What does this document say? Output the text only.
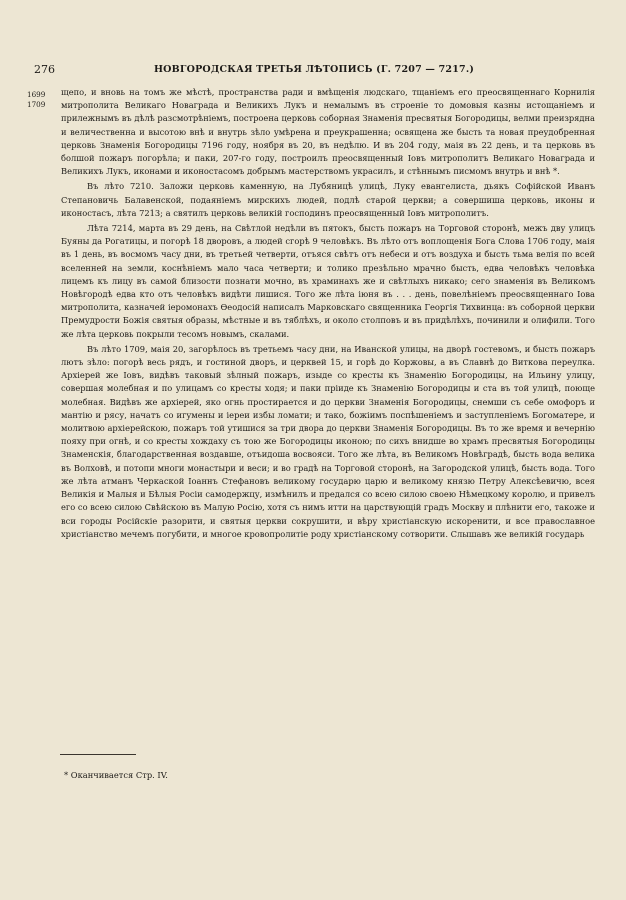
276	НОВГОРОДСКАЯ ТРЕТЬЯ ЛѢТОПИСЬ (Г. 7207 — 7217.)
1699
1709

щепо, и вновь на томъ же мѣстѣ, пространства ради и вмѣщенія людскаго, тщаніемъ его преосвященнаго Корнилія митрополита Великаго Новаграда и Великихъ Лукъ и немалымъ въ строеніе то домовыя казны истощаніемъ и прилежнымъ въ дѣлѣ разсмотрѣніемъ, построена церковь соборная Знаменія пресвятыя Богородицы, велми преизрядна и величественна и высотою внѣ и внутрь зѣло умѣрена и преукрашенна; освящена же бысть та новая преудобренная церковь Знаменія Богородицы 7196 году, ноября въ 20, въ недѣлю. И въ 204 году, маія въ 22 день, и та церковь въ болшой пожаръ погорѣла; и паки, 207-го году, построилъ преосвященный Іовъ митрополитъ Великаго Новаграда и Великихъ Лукъ, иконами и иконостасомъ добрымъ мастерствомъ украсилъ, и стѣннымъ писмомъ внутрь и внѣ *.

Въ лѣто 7210. Заложи церковь каменную, на Лубяницѣ улицѣ, Луку евангелиста, дьякъ Софійской Иванъ Степановичь Балавенской, подаяніемъ мирскихъ людей, подлѣ старой церкви; а совершиша церковь, иконы и иконостасъ, лѣта 7213; а святилъ церковь великій господинъ преосвященный Іовъ митрополитъ.

Лѣта 7214, марта въ 29 день, на Свѣтлой недѣли въ пятокъ, бысть пожаръ на Торговой сторонѣ, межъ дву улицъ Буяны да Рогатицы, и погорѣ 18 дворовъ, а людей сгорѣ 9 человѣкъ. Въ лѣто отъ воплощенія Бога Слова 1706 году, маія въ 1 день, въ восмомъ часу дни, въ третьей четверти, отъяся свѣтъ отъ небеси и отъ воздуха и бысть тьма велія по всей вселенней на земли, коснѣніемъ мало часа четверти; и толико презѣльно мрачно бысть, едва человѣкъ человѣка лицемъ къ лицу въ самой близости познати мочно, въ храминахъ же и свѣтлыхъ никако; сего знаменія въ Великомъ Новѣгородѣ едва кто отъ человѣкъ видѣти лишися. Того же лѣта іюня въ . . . день, повелѣніемъ преосвященнаго Іова митрополита, казначей іеромонахъ Ѳеодосій написалъ Марковскаго священника Георгія Тихвинца: въ соборной церкви Премудрости Божія святыя образы, мѣстные и въ тяблѣхъ, и около столповъ и въ придѣлѣхъ, починили и олифили. Того же лѣта церковь покрыли тесомъ новымъ, скалами.

Въ лѣто 1709, маія 20, загорѣлось въ третьемъ часу дни, на Иванской улицы, на дворѣ гостевомъ, и бысть пожаръ лютъ зѣло: погорѣ весь рядъ, и гостиной дворъ, и церквей 15, и горѣ до Коржовы, а въ Славнѣ до Виткова переулка. Архіерей же Іовъ, видѣвъ таковый зѣлный пожаръ, изыде со кресты къ Знаменію Богородицы, на Ильину улицу, совершая молебная и по улицамъ со кресты ходя; и паки пріиде къ Знаменію Богородицы и ста въ той улицѣ, поюще молебная. Видѣвъ же архіерей, яко огнь простирается и до церкви Знаменія Богородицы, снемши съ себе омофоръ и мантію и рясу, начатъ со игумены и іереи избы ломати; и тако, божіимъ поспѣшеніемъ и заступленіемъ Богоматере, и молитвою архіерейскою, пожаръ той утишися за три двора до церкви Знаменія Богородицы. Въ то же время и вечернію пояху при огнѣ, и со кресты хождаху съ тою же Богородицы иконою; по сихъ внидше во храмъ пресвятыя Богородицы Знаменскія, благодарственная воздавше, отъидоша восвояси. Того же лѣта, въ Великомъ Новѣградѣ, бысть вода велика въ Волховѣ, и потопи многи монастыри и веси; и во градѣ на Торговой сторонѣ, на Загородской улицѣ, бысть вода. Того же лѣта атманъ Черкаской Іоаннъ Стефановъ великому государю царю и великому князю Петру Алексѣевичю, всея Великія и Малыя и Бѣлыя Росіи самодержцу, измѣнилъ и предался со всею силою своею Нѣмецкому королю, и привелъ его со всею силою Свѣйскою въ Малую Росію, хотя съ нимъ итти на царствующій градъ Москву и плѣнити его, такоже и вси городы Російскіе разорити, и святыя церкви сокрушити, и вѣру христіанскую искоренити, и все православное христіанство мечемъ погубити, и многое кровопролитіе роду христіанскому сотворити. Слышавъ же великій государь

* Оканчивается Стр. IV.
